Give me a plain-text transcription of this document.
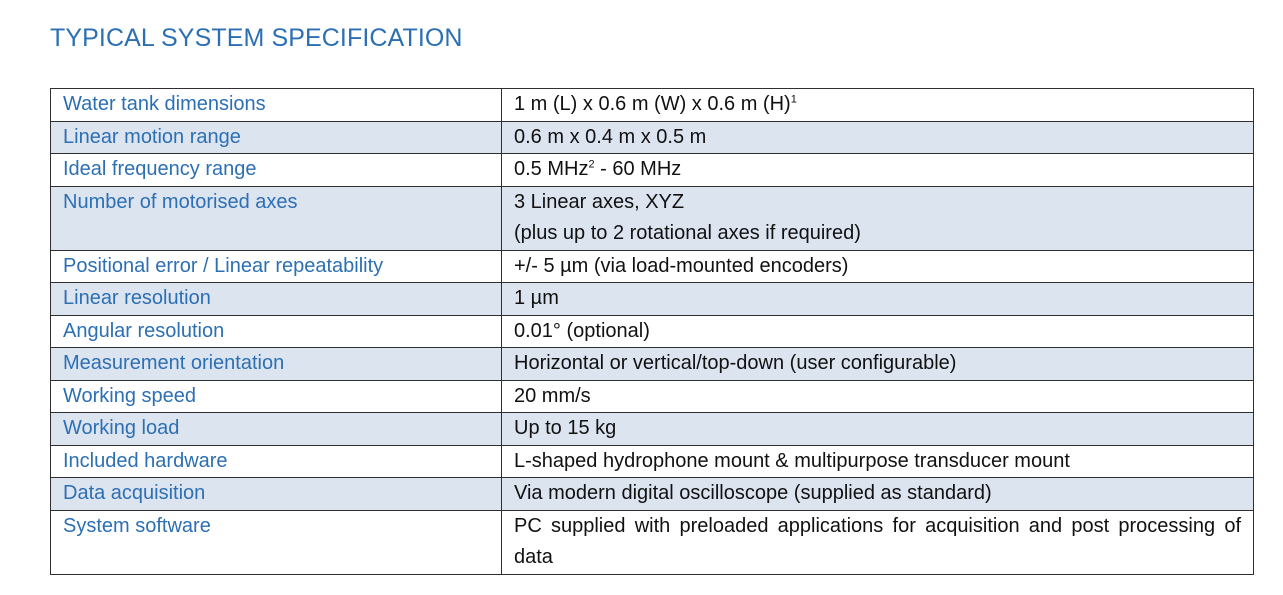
TYPICAL SYSTEM SPECIFICATION
Water tank dimensions	1 m (L) x 0.6 m (W) x 0.6 m $(H)^1$
Linear motion range	0.6 m x 0.4 m x 0.5 m
Ideal frequency range	0.5 MHz$^2$ - 60 MHz
Number of motorised axes	3 Linear axes, XYZ
(plus up to 2 rotational axes if required)

Positional error / Linear repeatability	+/- 5 µm (via load-mounted encoders)
Linear resolution	1 µm
Angular resolution	0.01° (optional)
Measurement orientation	Horizontal or vertical/top-down (user configurable)
Working speed	20 mm/s
Working load	Up to 15 kg
Included hardware	L-shaped hydrophone mount & multipurpose transducer mount
Data acquisition	Via modern digital oscilloscope (supplied as standard)
System software	PC supplied with preloaded applications for acquisition and post processing of data
